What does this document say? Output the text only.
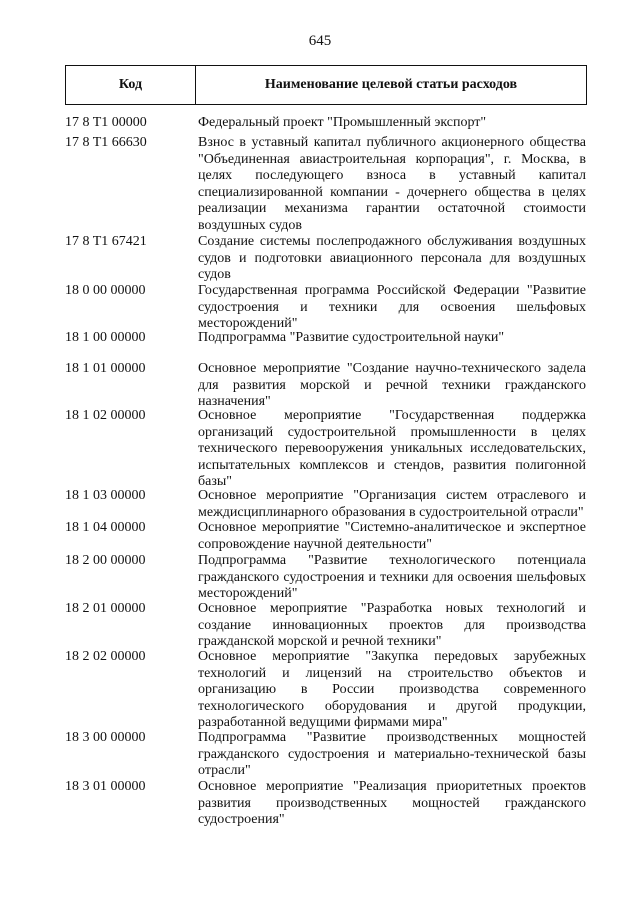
645
Код	Наименование целевой статьи расходов
17 8 T1 00000	Федеральный проект "Промышленный экспорт"
17 8 T1 66630	Взнос в уставный капитал публичного акционерного общества "Объединенная авиастроительная корпорация", г. Москва, в целях последующего взноса в уставный капитал специализированной компании - дочернего общества в целях реализации механизма гарантии остаточной стоимости воздушных судов
17 8 T1 67421	Создание системы послепродажного обслуживания воздушных судов и подготовки авиационного персонала для воздушных судов
18 0 00 00000	Государственная программа Российской Федерации "Развитие судостроения и техники для освоения шельфовых месторождений"
18 1 00 00000	Подпрограмма "Развитие судостроительной науки"
18 1 01 00000	Основное мероприятие "Создание научно-технического задела для развития морской и речной техники гражданского назначения"
18 1 02 00000	Основное мероприятие "Государственная поддержка организаций судостроительной промышленности в целях технического перевооружения уникальных исследовательских, испытательных комплексов и стендов, развития полигонной базы"
18 1 03 00000	Основное мероприятие "Организация систем отраслевого и междисциплинарного образования в судостроительной отрасли"
18 1 04 00000	Основное мероприятие "Системно-аналитическое и экспертное сопровождение научной деятельности"
18 2 00 00000	Подпрограмма "Развитие технологического потенциала гражданского судостроения и техники для освоения шельфовых месторождений"
18 2 01 00000	Основное мероприятие "Разработка новых технологий и создание инновационных проектов для производства гражданской морской и речной техники"
18 2 02 00000	Основное мероприятие "Закупка передовых зарубежных технологий и лицензий на строительство объектов и организацию в России производства современного технологического оборудования и другой продукции, разработанной ведущими фирмами мира"
18 3 00 00000	Подпрограмма "Развитие производственных мощностей гражданского судостроения и материально-технической базы отрасли"
18 3 01 00000	Основное мероприятие "Реализация приоритетных проектов развития производственных мощностей гражданского судостроения"
